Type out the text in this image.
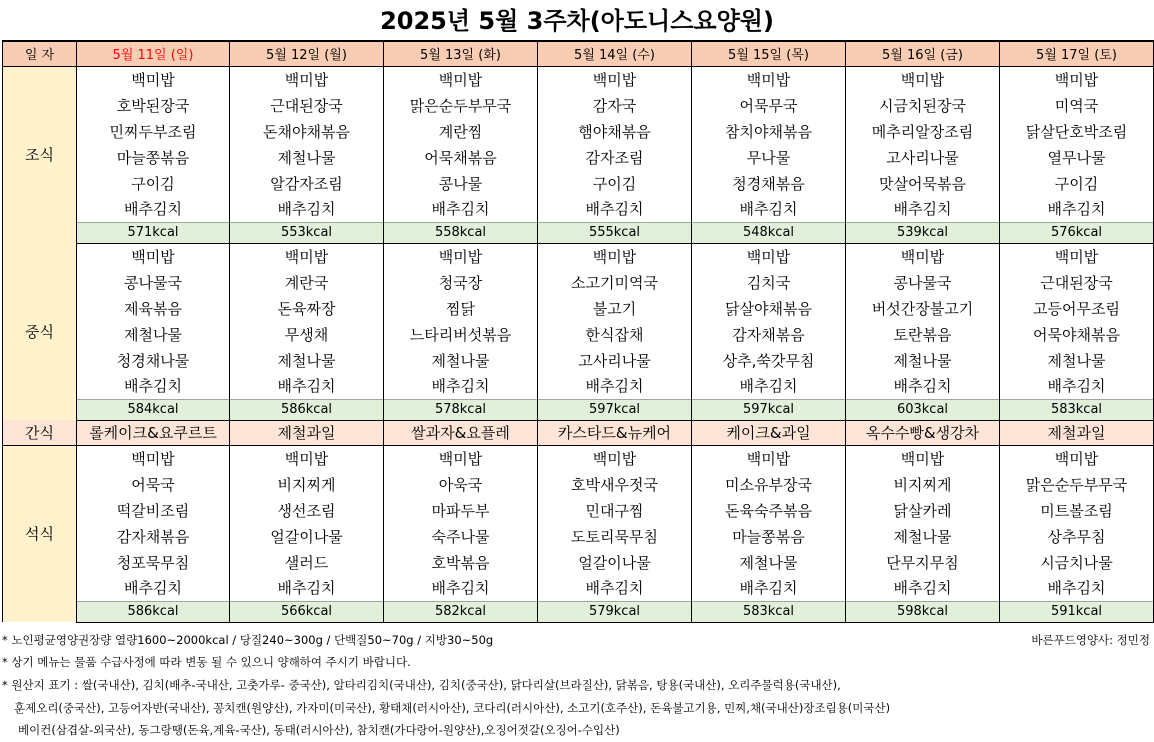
2025년 5월 3주차(아도니스요양원)
일 자	5월 11일 (일)	5월 12일 (월)	5월 13일 (화)	5월 14일 (수)	5월 15일 (목)	5월 16일 (금)	5월 17일 (토)
조식	백미밥	백미밥	백미밥	백미밥	백미밥	백미밥	백미밥
	호박된장국	근대된장국	맑은순두부무국	감자국	어묵무국	시금치된장국	미역국
	민찌두부조림	돈채야채볶음	계란찜	햄야채볶음	참치야채볶음	메추리알장조림	닭살단호박조림
	마늘쫑볶음	제철나물	어묵채볶음	감자조림	무나물	고사리나물	열무나물
	구이김	알감자조림	콩나물	구이김	청경채볶음	맛살어묵볶음	구이김
	배추김치	배추김치	배추김치	배추김치	배추김치	배추김치	배추김치
	571kcal	553kcal	558kcal	555kcal	548kcal	539kcal	576kcal
중식	백미밥	백미밥	백미밥	백미밥	백미밥	백미밥	백미밥
	콩나물국	계란국	청국장	소고기미역국	김치국	콩나물국	근대된장국
	제육볶음	돈육짜장	찜닭	불고기	닭살야채볶음	버섯간장불고기	고등어무조림
	제철나물	무생채	느타리버섯볶음	한식잡채	감자채볶음	토란볶음	어묵야채볶음
	청경채나물	제철나물	제철나물	고사리나물	상추,쑥갓무침	제철나물	제철나물
	배추김치	배추김치	배추김치	배추김치	배추김치	배추김치	배추김치
	584kcal	586kcal	578kcal	597kcal	597kcal	603kcal	583kcal
간식	롤케이크&요쿠르트	제철과일	쌀과자&요플레	카스타드&뉴케어	케이크&과일	옥수수빵&생강차	제철과일
석식	백미밥	백미밥	백미밥	백미밥	백미밥	백미밥	백미밥
	어묵국	비지찌게	아욱국	호박새우젓국	미소유부장국	비지찌게	맑은순두부무국
	떡갈비조림	생선조림	마파두부	민대구찜	돈육숙주볶음	닭살카레	미트볼조림
	감자채볶음	얼갈이나물	숙주나물	도토리묵무침	마늘쫑볶음	제철나물	상추무침
	청포묵무침	샐러드	호박볶음	얼갈이나물	제철나물	단무지무침	시금치나물
	배추김치	배추김치	배추김치	배추김치	배추김치	배추김치	배추김치
	586kcal	566kcal	582kcal	579kcal	583kcal	598kcal	591kcal
* 노인평균영양권장량 열량1600~2000kcal / 당질240~300g / 단백질50~70g / 지방30~50g	바른푸드영양사: 정민정
* 상기 메뉴는 물품 수급사정에 따라 변동 될 수 있으니 양해하여 주시기 바랍니다.
* 원산지 표기 : 쌀(국내산), 김치(배추-국내산, 고춧가루- 중국산), 알타리김치(국내산), 김치(중국산), 닭다리살(브라질산), 닭볶음, 탕용(국내산), 오리주물럭용(국내산),
훈제오리(중국산), 고등어자반(국내산), 꽁치캔(원양산), 가자미(미국산), 황태채(러시아산), 코다리(러시아산), 소고기(호주산), 돈육불고기용, 민찌,채(국내산)장조림용(미국산)
베이컨(삼겹살-외국산), 동그랑땡(돈육,계육-국산), 동태(러시아산), 참치캔(가다랑어-원양산),오징어젓갈(오징어-수입산)
